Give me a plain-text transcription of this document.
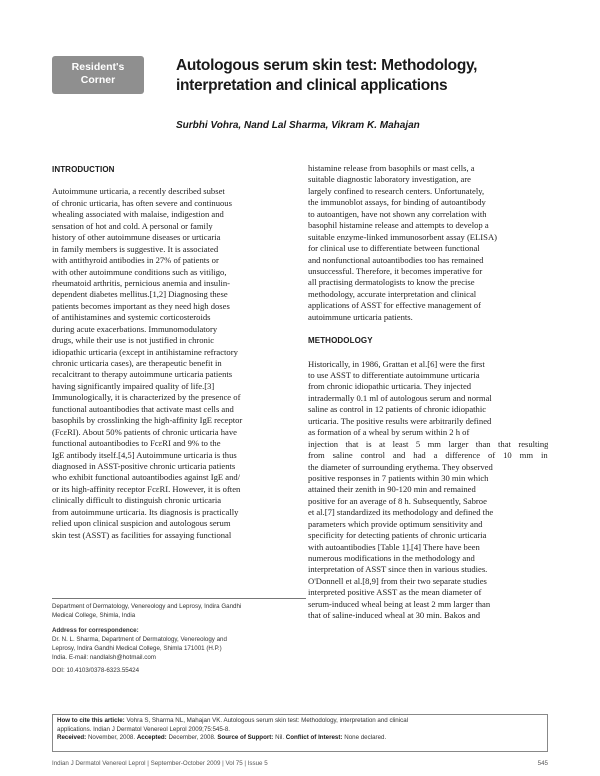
Resident's
Corner
Autologous serum skin test: Methodology,
interpretation and clinical applications
Surbhi Vohra, Nand Lal Sharma, Vikram K. Mahajan
INTRODUCTION
Autoimmune urticaria, a recently described subset
of chronic urticaria, has often severe and continuous
whealing associated with malaise, indigestion and
sensation of hot and cold. A personal or family
history of other autoimmune diseases or urticaria
in family members is suggestive. It is associated
with antithyroid antibodies in 27% of patients or
with other autoimmune conditions such as vitiligo,
rheumatoid arthritis, pernicious anemia and insulin-
dependent diabetes mellitus.[1,2] Diagnosing these
patients becomes important as they need high doses
of antihistamines and systemic corticosteroids
during acute exacerbations. Immunomodulatory
drugs, while their use is not justified in chronic
idiopathic urticaria (except in antihistamine refractory
chronic urticaria cases), are therapeutic benefit in
recalcitrant to therapy autoimmune urticaria patients
having significantly impaired quality of life.[3]
Immunologically, it is characterized by the presence of
functional autoantibodies that activate mast cells and
basophils by crosslinking the high-affinity IgE receptor
(FcεRI). About 50% patients of chronic urticaria have
functional autoantibodies to FcεRI and 9% to the
IgE antibody itself.[4,5] Autoimmune urticaria is thus
diagnosed in ASST-positive chronic urticaria patients
who exhibit functional autoantibodies against IgE and/
or its high-affinity receptor FcεRI. However, it is often
clinically difficult to distinguish chronic urticaria
from autoimmune urticaria. Its diagnosis is practically
relied upon clinical suspicion and autologous serum
skin test (ASST) as facilities for assaying functional
histamine release from basophils or mast cells, a
suitable diagnostic laboratory investigation, are
largely confined to research centers. Unfortunately,
the immunoblot assays, for binding of autoantibody
to autoantigen, have not shown any correlation with
basophil histamine release and attempts to develop a
suitable enzyme-linked immunosorbent assay (ELISA)
for clinical use to differentiate between functional
and nonfunctional autoantibodies too has remained
unsuccessful. Therefore, it becomes imperative for
all practising dermatologists to know the precise
methodology, accurate interpretation and clinical
applications of ASST for effective management of
autoimmune urticaria patients.
METHODOLOGY
Historically, in 1986, Grattan et al.[6] were the first
to use ASST to differentiate autoimmune urticaria
from chronic idiopathic urticaria. They injected
intradermally 0.1 ml of autologous serum and normal
saline as control in 12 patients of chronic idiopathic
urticaria. The positive results were arbitrarily defined
as formation of a wheal by serum within 2 h of
injection that is at least 5 mm larger than that resulting
from saline control and had a difference of 10 mm in
the diameter of surrounding erythema. They observed
positive responses in 7 patients within 30 min which
attained their zenith in 90-120 min and remained
positive for an average of 8 h. Subsequently, Sabroe
et al.[7] standardized its methodology and defined the
parameters which provide optimum sensitivity and
specificity for detecting patients of chronic urticaria
with autoantibodies [Table 1].[4] There have been
numerous modifications in the methodology and
interpretation of ASST since then in various studies.
O'Donnell et al.[8,9] from their two separate studies
interpreted positive ASST as the mean diameter of
serum-induced wheal being at least 2 mm larger than
that of saline-induced wheal at 30 min. Bakos and
Department of Dermatology, Venereology and Leprosy, Indira Gandhi
Medical College, Shimla, India
Address for correspondence:
Dr. N. L. Sharma, Department of Dermatology, Venereology and
Leprosy, Indira Gandhi Medical College, Shimla 171001 (H.P.)
India. E-mail: nandlalsh@hotmail.com
DOI: 10.4103/0378-6323.55424
How to cite this article: Vohra S, Sharma NL, Mahajan VK. Autologous serum skin test: Methodology, interpretation and clinical
applications. Indian J Dermatol Venereol Leprol 2009;75:545-8.
Received: November, 2008. Accepted: December, 2008. Source of Support: Nil. Conflict of Interest: None declared.
Indian J Dermatol Venereol Leprol | September-October 2009 | Vol 75 | Issue 5	545
